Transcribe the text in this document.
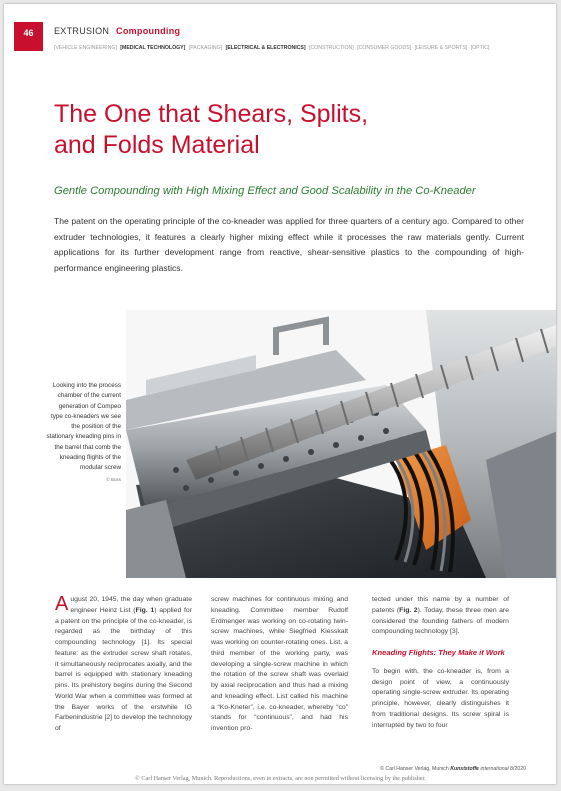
46	EXTRUSION Compounding
[VEHICLE ENGINEERING] [MEDICAL TECHNOLOGY] [PACKAGING] [ELECTRICAL & ELECTRONICS] [CONSTRUCTION] [CONSUMER GOODS] [LEISURE & SPORTS] [OPTIC]
The One that Shears, Splits,
and Folds Material
Gentle Compounding with High Mixing Effect and Good Scalability in the Co-Kneader
The patent on the operating principle of the co-kneader was applied for three quarters of a century ago. Compared to other extruder technologies, it features a clearly higher mixing effect while it processes the raw materials gently. Current applications for its further development range from reactive, shear-sensitive plastics to the compounding of high-performance engineering plastics.
Looking into the process chamber of the current generation of Compeo type co-kneaders we see the position of the stationary kneading pins in the barrel that comb the kneading flights of the modular screw
© Buss
August 20, 1945, the day when graduate engineer Heinz List (Fig. 1) applied for a patent on the principle of the co-kneader, is regarded as the birthday of this compounding technology [1]. Its special feature: as the extruder screw shaft rotates, it simultaneously reciprocates axially, and the barrel is equipped with stationary kneading pins. Its prehistory begins during the Second World War when a committee was formed at the Bayer works of the erstwhile IG Farbenindustrie [2] to develop the technology of
screw machines for continuous mixing and kneading. Committee member Rudolf Erdmenger was working on co-rotating twin-screw machines, while Siegfried Kiesskalt was working on counter-rotating ones. List, a third member of the working party, was developing a single-screw machine in which the rotation of the screw shaft was overlaid by axial reciprocation and thus had a mixing and kneading effect. List called his machine a “Ko-Kneter”, i.e. co-kneader, whereby “co” stands for “continuous”, and had his invention pro-
tected under this name by a number of patents (Fig. 2). Today, these three men are considered the founding fathers of modern compounding technology [3].
Kneading Flights: They Make it Work
To begin with, the co-kneader is, from a design point of view, a continuously operating single-screw extruder. Its operating principle, however, clearly distinguishes it from traditional designs. Its screw spiral is interrupted by two to four
© Carl Hanser Verlag, Munich Kunststoffe international 8/2020
© Carl Hanser Verlag, Munich. Reproductions, even in extracts, are non permitted without licensing by the publisher.
